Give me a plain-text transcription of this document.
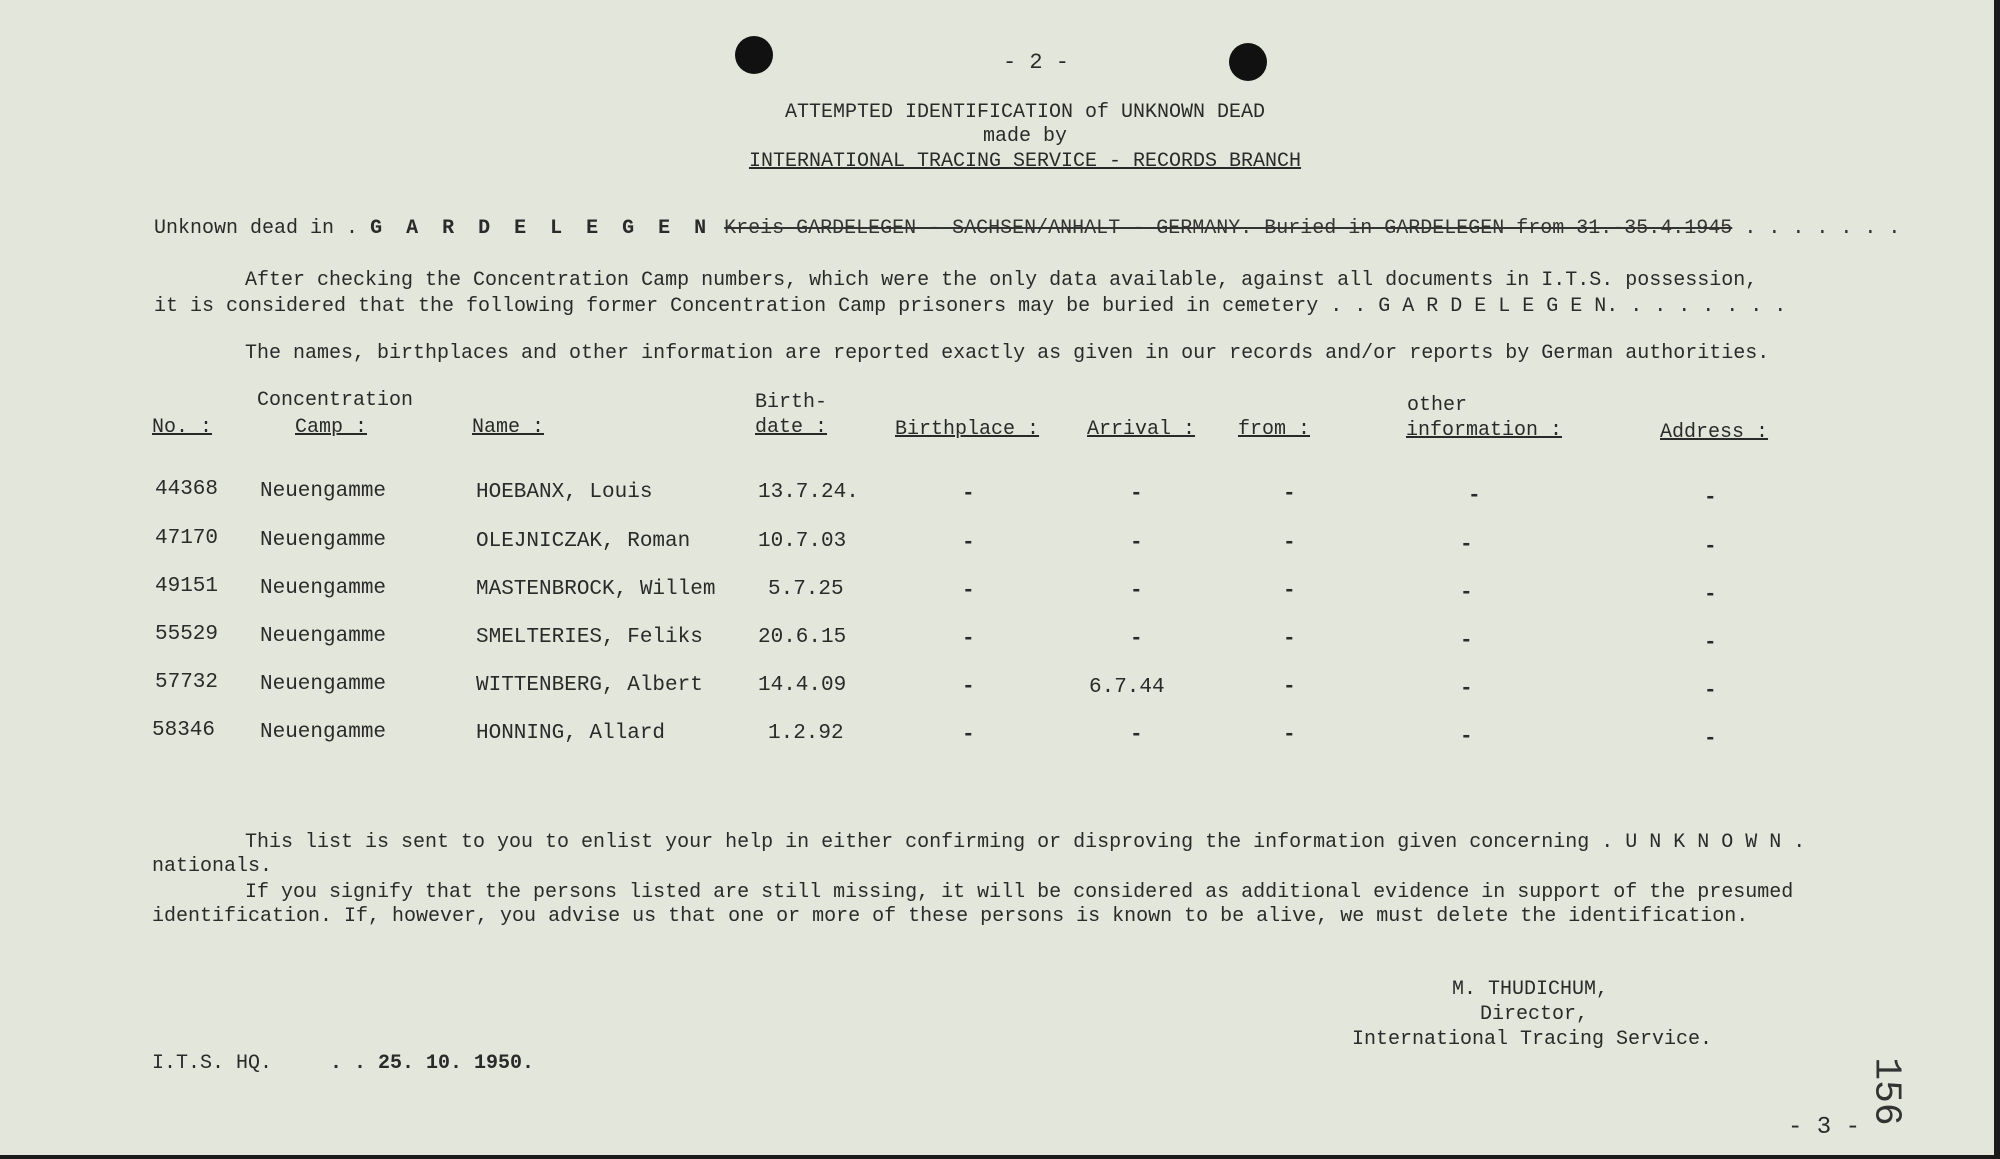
- 2 -
ATTEMPTED IDENTIFICATION of UNKNOWN DEAD
made by
INTERNATIONAL TRACING SERVICE - RECORDS BRANCH
Unknown dead in . G A R D E L E G E N Kreis GARDELEGEN - SACHSEN/ANHALT - GERMANY. Buried in GARDELEGEN from 31.-35.4.1945 . . . . . . .
After checking the Concentration Camp numbers, which were the only data available, against all documents in I.T.S. possession,
it is considered that the following former Concentration Camp prisoners may be buried in cemetery . . G A R D E L E G E N. . . . . . . .
The names, birthplaces and other information are reported exactly as given in our records and/or reports by German authorities.
No. :
Concentration
Camp :	Name :
Birth-
date :	Birthplace : Arrival : from :
other
information :	Address :
44368 Neuengamme	HOEBANX, Louis	13.7.24.	-	-	-	-	-
47170 Neuengamme	OLEJNICZAK, Roman	10.7.03	-	-	-	-	-
49151 Neuengamme	MASTENBROCK, Willem	5.7.25	-	-	-	-	-
55529 Neuengamme	SMELTERIES, Feliks	20.6.15	-	-	-	-	-
57732 Neuengamme	WITTENBERG, Albert	14.4.09	-	6.7.44	-	-	-
58346 Neuengamme	HONNING, Allard	1.2.92	-	-	-	-	-
This list is sent to you to enlist your help in either confirming or disproving the information given concerning . U N K N O W N .
nationals.
If you signify that the persons listed are still missing, it will be considered as additional evidence in support of the presumed
identification. If, however, you advise us that one or more of these persons is known to be alive, we must delete the identification.
M. THUDICHUM,
Director,
International Tracing Service.
I.T.S. HQ.	. . 25. 10. 1950.
- 3 -
156
